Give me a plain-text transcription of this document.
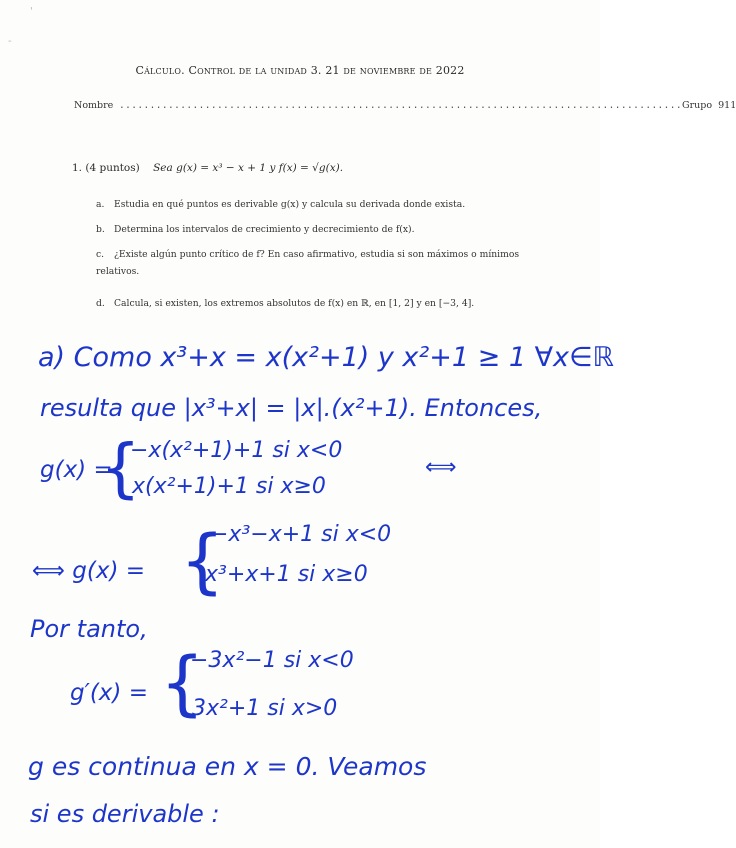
'
-
Cálculo. Control de la unidad 3. 21 de noviembre de 2022
Nombre ............................................................................................Grupo 911
1. (4 puntos) Sea g(x) = x³ − x + 1 y f(x) = √g(x).
a. Estudia en qué puntos es derivable g(x) y calcula su derivada donde exista.
b. Determina los intervalos de crecimiento y decrecimiento de f(x).
c. ¿Existe algún punto crítico de f? En caso afirmativo, estudia si son máximos o mínimos relativos.
d. Calcula, si existen, los extremos absolutos de f(x) en ℝ, en [1, 2] y en [−3, 4].
a) Como x³+x = x(x²+1) y x²+1 ≥ 1 ∀x∈ℝ
resulta que |x³+x| = |x|.(x²+1). Entonces,
g(x) =
{
−x(x²+1)+1 si x<0
x(x²+1)+1 si x≥0
⟺
⟺ g(x) = {
−x³−x+1 si x<0
x³+x+1 si x≥0
Por tanto,
g′(x) = {
−3x²−1 si x<0
3x²+1 si x>0
g es continua en x = 0. Veamos
si es derivable :
